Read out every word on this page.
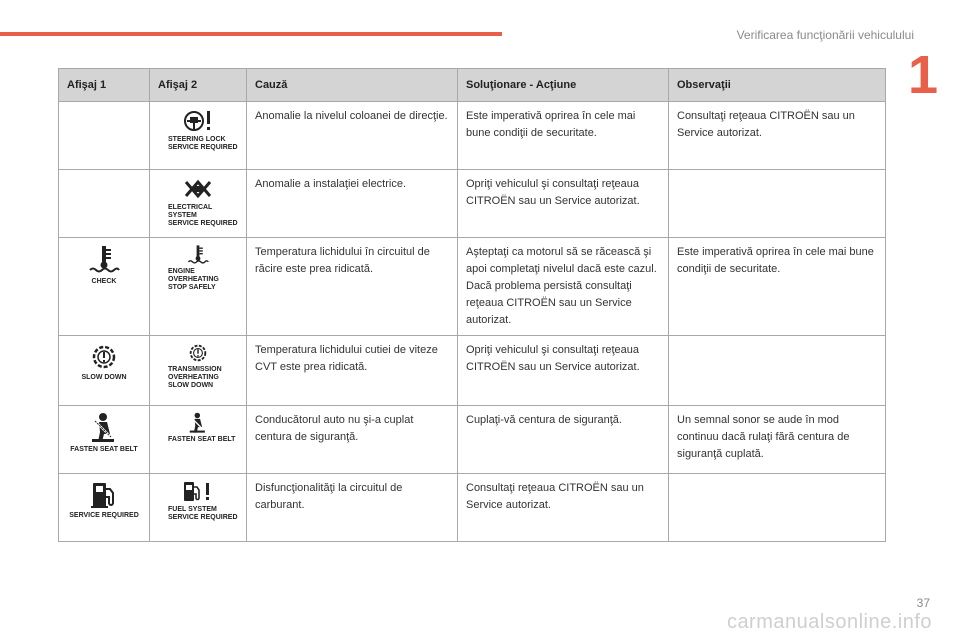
Verificarea funcţionării vehiculului
1
Afişaj 1	Afişaj 2	Cauză	Soluţionare - Acţiune	Observaţii

	STEERING LOCK
SERVICE REQUIRED	Anomalie la nivelul coloanei de direcţie.	Este imperativă oprirea în cele mai bune condiţii de securitate.	Consultaţi reţeaua CITROËN sau un Service autorizat.

	ELECTRICAL SYSTEM
SERVICE REQUIRED	Anomalie a instalaţiei electrice.	Opriţi vehiculul şi consultaţi reţeaua CITROËN sau un Service autorizat.	

CHECK	ENGINE OVERHEATING
STOP SAFELY	Temperatura lichidului în circuitul de răcire este prea ridicată.	Aşteptaţi ca motorul să se răcească şi apoi completaţi nivelul dacă este cazul. Dacă problema persistă consultaţi reţeaua CITROËN sau un Service autorizat.	Este imperativă oprirea în cele mai bune condiţii de securitate.

SLOW DOWN	TRANSMISSION
OVERHEATING
SLOW DOWN	Temperatura lichidului cutiei de viteze CVT este prea ridicată.	Opriţi vehiculul şi consultaţi reţeaua CITROËN sau un Service autorizat.	

FASTEN SEAT BELT	FASTEN SEAT BELT	Conducătorul auto nu şi-a cuplat centura de siguranţă.	Cuplaţi-vă centura de siguranţă.	Un semnal sonor se aude în mod continuu dacă rulaţi fără centura de siguranţă cuplată.

SERVICE REQUIRED	FUEL SYSTEM
SERVICE REQUIRED	Disfuncţionalităţi la circuitul de carburant.	Consultaţi reţeaua CITROËN sau un Service autorizat.	
carmanualsonline.info
37
